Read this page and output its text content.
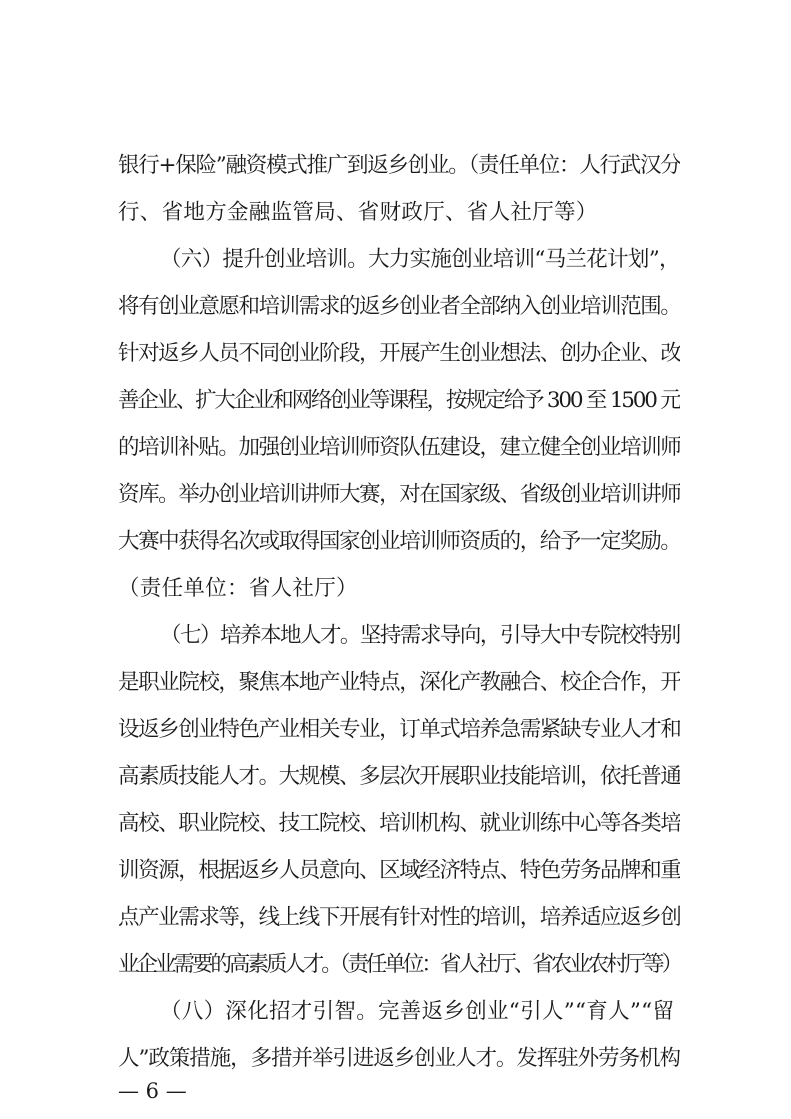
银行+保险”融资模式推广到返乡创业。（责任单位：人行武汉分
行、省地方金融监管局、省财政厅、省人社厅等）
（六）提升创业培训。大力实施创业培训“马兰花计划”，
将有创业意愿和培训需求的返乡创业者全部纳入创业培训范围。
针对返乡人员不同创业阶段，开展产生创业想法、创办企业、改
善企业、扩大企业和网络创业等课程，按规定给予 300 至 1500 元
的培训补贴。加强创业培训师资队伍建设，建立健全创业培训师
资库。举办创业培训讲师大赛，对在国家级、省级创业培训讲师
大赛中获得名次或取得国家创业培训师资质的，给予一定奖励。
（责任单位：省人社厅）
（七）培养本地人才。坚持需求导向，引导大中专院校特别
是职业院校，聚焦本地产业特点，深化产教融合、校企合作，开
设返乡创业特色产业相关专业，订单式培养急需紧缺专业人才和
高素质技能人才。大规模、多层次开展职业技能培训，依托普通
高校、职业院校、技工院校、培训机构、就业训练中心等各类培
训资源，根据返乡人员意向、区域经济特点、特色劳务品牌和重
点产业需求等，线上线下开展有针对性的培训，培养适应返乡创
业企业需要的高素质人才。（责任单位：省人社厅、省农业农村厅等）
（八）深化招才引智。完善返乡创业“引人”“育人”“留
人”政策措施，多措并举引进返乡创业人才。发挥驻外劳务机构
— 6 —
